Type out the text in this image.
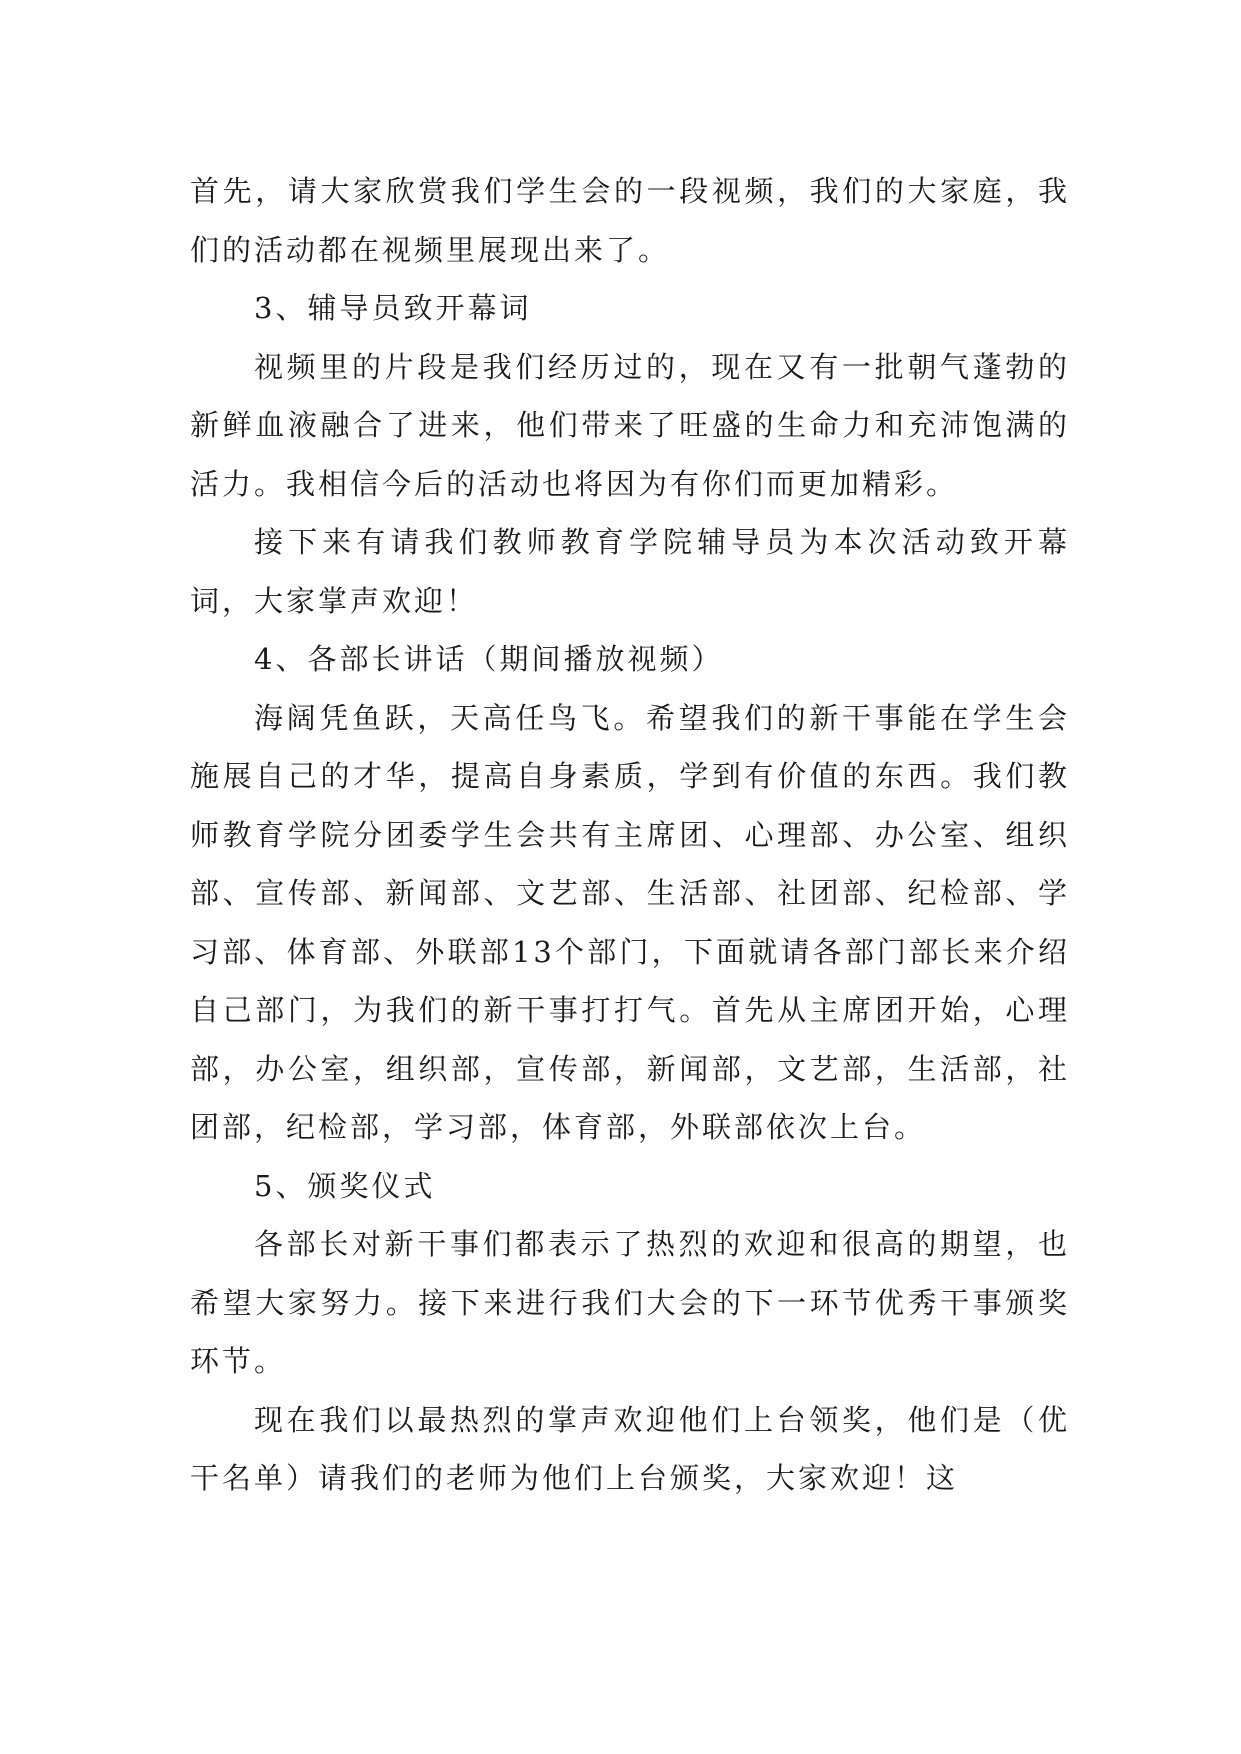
首先，请大家欣赏我们学生会的一段视频，我们的大家庭，我们的活动都在视频里展现出来了。

3、辅导员致开幕词

视频里的片段是我们经历过的，现在又有一批朝气蓬勃的新鲜血液融合了进来，他们带来了旺盛的生命力和充沛饱满的活力。我相信今后的活动也将因为有你们而更加精彩。

接下来有请我们教师教育学院辅导员为本次活动致开幕词，大家掌声欢迎！

4、各部长讲话（期间播放视频）

海阔凭鱼跃，天高任鸟飞。希望我们的新干事能在学生会施展自己的才华，提高自身素质，学到有价值的东西。我们教师教育学院分团委学生会共有主席团、心理部、办公室、组织部、宣传部、新闻部、文艺部、生活部、社团部、纪检部、学习部、体育部、外联部13个部门，下面就请各部门部长来介绍自己部门，为我们的新干事打打气。首先从主席团开始，心理部，办公室，组织部，宣传部，新闻部，文艺部，生活部，社团部，纪检部，学习部，体育部，外联部依次上台。

5、颁奖仪式

各部长对新干事们都表示了热烈的欢迎和很高的期望，也希望大家努力。接下来进行我们大会的下一环节优秀干事颁奖环节。

现在我们以最热烈的掌声欢迎他们上台领奖，他们是（优干名单）请我们的老师为他们上台颁奖，大家欢迎！这
